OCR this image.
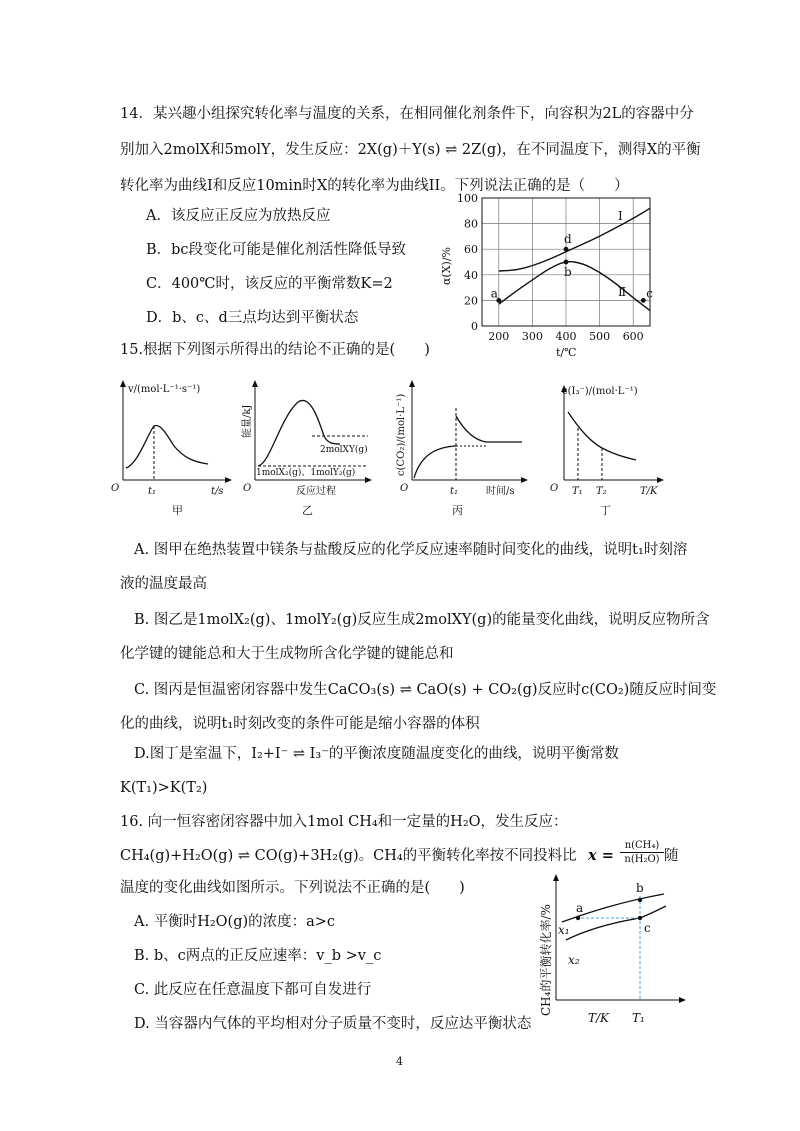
14．某兴趣小组探究转化率与温度的关系，在相同催化剂条件下，向容积为2L的容器中分
别加入2molX和5molY，发生反应：2X(g)＋Y(s) ⇌ 2Z(g)，在不同温度下，测得X的平衡
转化率为曲线I和反应10min时X的转化率为曲线II。下列说法正确的是（　　）
A．该反应正反应为放热反应
B．bc段变化可能是催化剂活性降低导致
C．400℃时，该反应的平衡常数K=2
D．b、c、d三点均达到平衡状态
0
20
40
60
80
100
200 300 400 500 600
a
b
c
d
I
Ⅱ
α(X)/%
t/℃
15.根据下列图示所得出的结论不正确的是(　　)
v/(mol·L⁻¹·s⁻¹)
O	t₁	t/s
甲
能量/kJ
2molXY(g)
1molX₂(g)、1molY₂(g)
O	反应过程
乙
c(CO₂)/(mol·L⁻¹)
O	t₁	时间/s
丙
c(I₃⁻)/(mol·L⁻¹)
O T₁ T₂	T/K
丁
A. 图甲在绝热装置中镁条与盐酸反应的化学反应速率随时间变化的曲线，说明t₁时刻溶
液的温度最高
B. 图乙是1molX₂(g)、1molY₂(g)反应生成2molXY(g)的能量变化曲线，说明反应物所含
化学键的键能总和大于生成物所含化学键的键能总和
C. 图丙是恒温密闭容器中发生CaCO₃(s) ⇌ CaO(s) + CO₂(g)反应时c(CO₂)随反应时间变
化的曲线，说明t₁时刻改变的条件可能是缩小容器的体积
D.图丁是室温下，I₂+I⁻ ⇌ I₃⁻的平衡浓度随温度变化的曲线，说明平衡常数
K(T₁)>K(T₂)
16. 向一恒容密闭容器中加入1mol CH₄和一定量的H₂O，发生反应：
CH₄(g)+H₂O(g) ⇌ CO(g)+3H₂(g)。CH₄的平衡转化率按不同投料比 x =
n(CH₄)
n(H₂O) 随
温度的变化曲线如图所示。下列说法不正确的是(　　)
A. 平衡时H₂O(g)的浓度：a>c
B. b、c两点的正反应速率：v_b >v_c
C. 此反应在任意温度下都可自发进行
D. 当容器内气体的平均相对分子质量不变时，反应达平衡状态
a
b
c
x₁
x₂
CH₄的平衡转化率/%
T/K T₁
4
